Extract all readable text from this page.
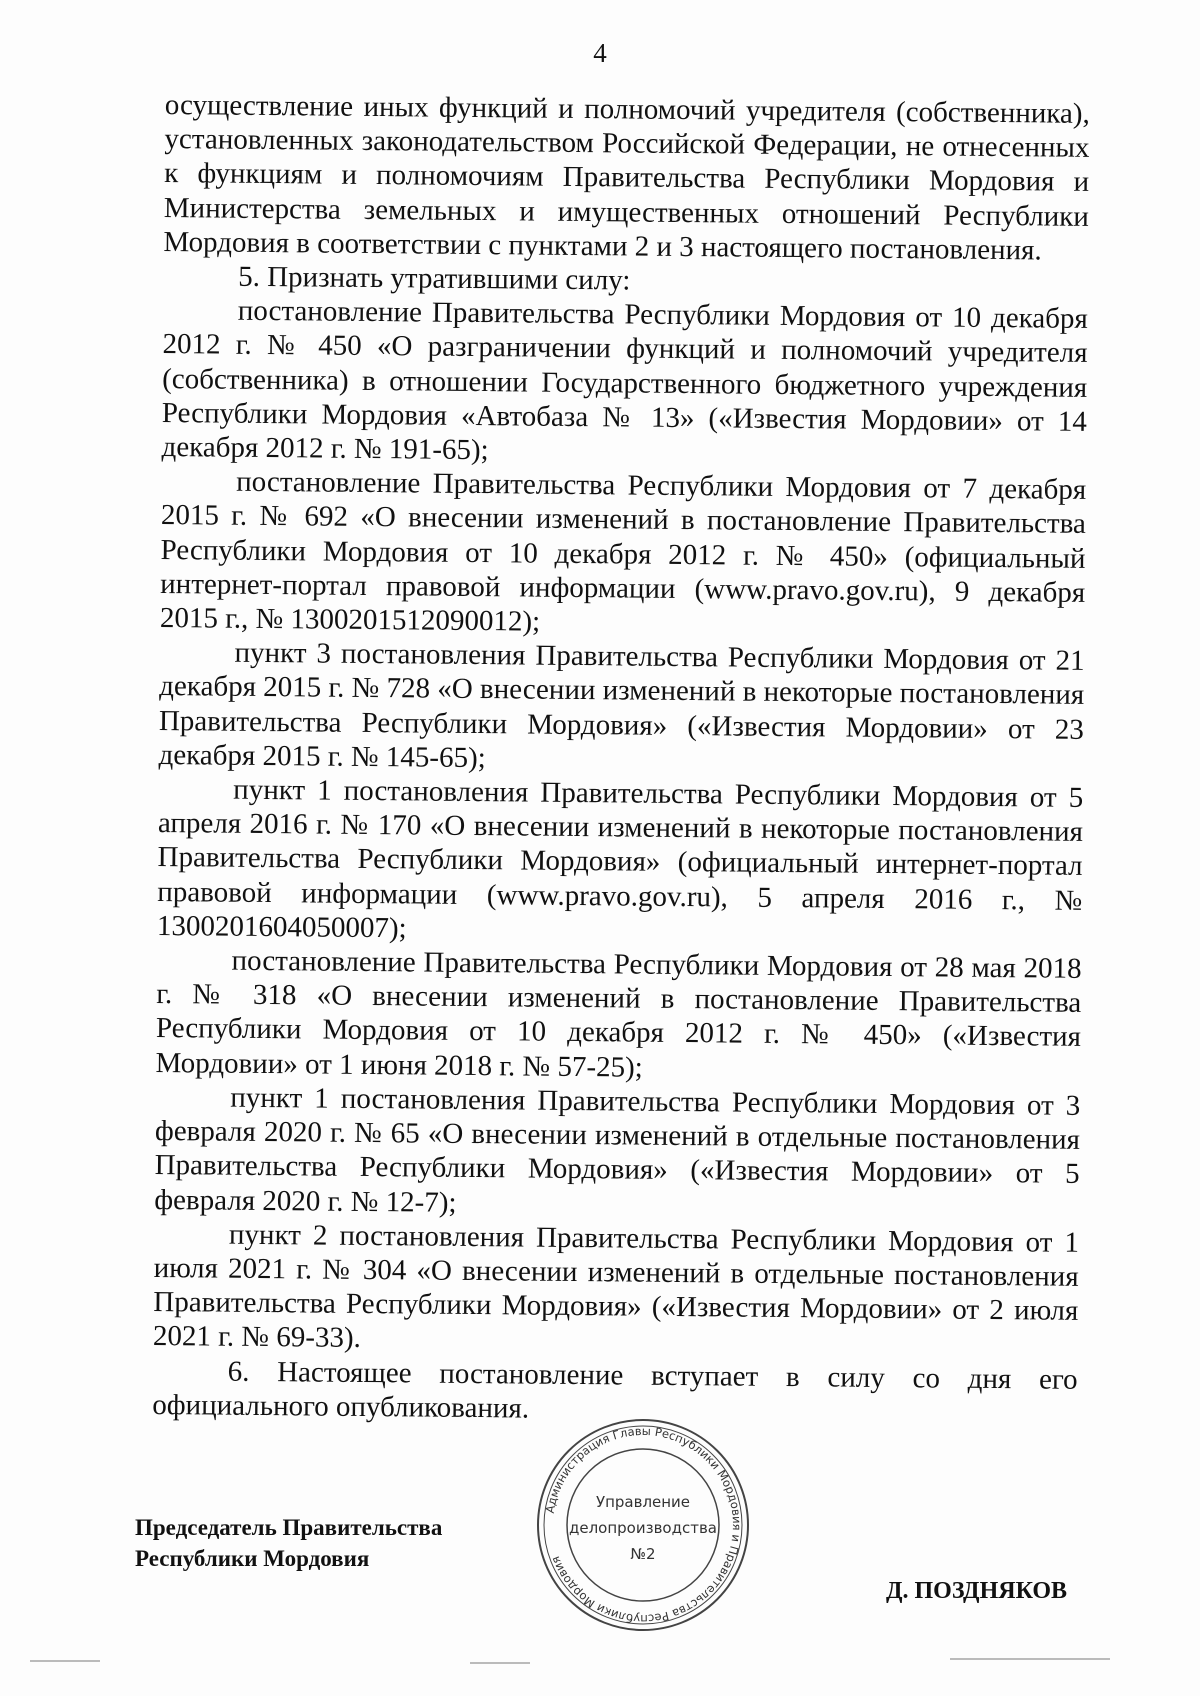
4

осуществление иных функций и полномочий учредителя (собственника), установленных законодательством Российской Федерации, не отнесенных к функциям и полномочиям Правительства Республики Мордовия и Министерства земельных и имущественных отношений Республики Мордовия в соответствии с пунктами 2 и 3 настоящего постановления.

5. Признать утратившими силу:

постановление Правительства Республики Мордовия от 10 декабря 2012 г. № 450 «О разграничении функций и полномочий учредителя (собственника) в отношении Государственного бюджетного учреждения Республики Мордовия «Автобаза № 13» («Известия Мордовии» от 14 декабря 2012 г. № 191-65);

постановление Правительства Республики Мордовия от 7 декабря 2015 г. № 692 «О внесении изменений в постановление Правительства Республики Мордовия от 10 декабря 2012 г. № 450» (официальный интернет-портал правовой информации (www.pravo.gov.ru), 9 декабря 2015 г., № 1300201512090012);

пункт 3 постановления Правительства Республики Мордовия от 21 декабря 2015 г. № 728 «О внесении изменений в некоторые постановления Правительства Республики Мордовия» («Известия Мордовии» от 23 декабря 2015 г. № 145-65);

пункт 1 постановления Правительства Республики Мордовия от 5 апреля 2016 г. № 170 «О внесении изменений в некоторые постановления Правительства Республики Мордовия» (официальный интернет-портал правовой информации (www.pravo.gov.ru), 5 апреля 2016 г., № 1300201604050007);

постановление Правительства Республики Мордовия от 28 мая 2018 г. № 318 «О внесении изменений в постановление Правительства Республики Мордовия от 10 декабря 2012 г. № 450» («Известия Мордовии» от 1 июня 2018 г. № 57-25);

пункт 1 постановления Правительства Республики Мордовия от 3 февраля 2020 г. № 65 «О внесении изменений в отдельные постановления Правительства Республики Мордовия» («Известия Мордовии» от 5 февраля 2020 г. № 12-7);

пункт 2 постановления Правительства Республики Мордовия от 1 июля 2021 г. № 304 «О внесении изменений в отдельные постановления Правительства Республики Мордовия» («Известия Мордовии» от 2 июля 2021 г. № 69-33).

6. Настоящее постановление вступает в силу со дня его официального опубликования.

Председатель Правительства
Республики Мордовия
Администрация Главы Республики Мордовия и Правительства Республики Мордовия
Управление
делопроизводства
№2
Д. ПОЗДНЯКОВ
